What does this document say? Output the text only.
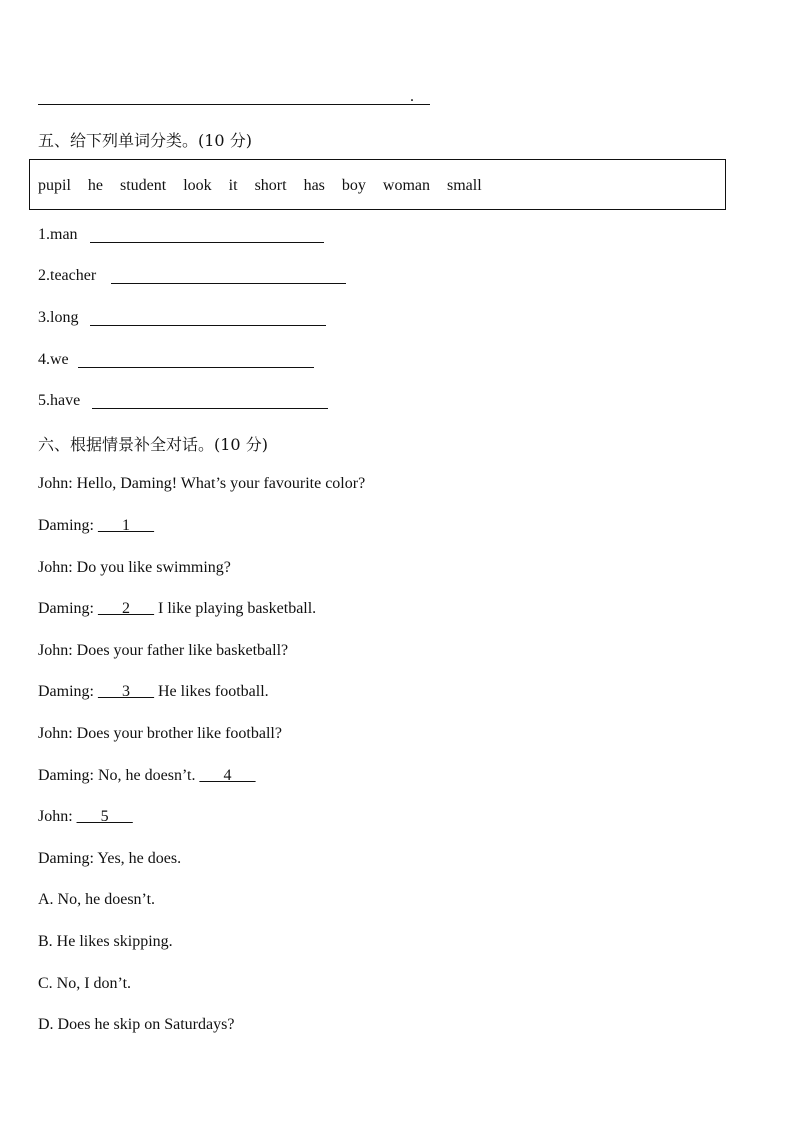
.
五、给下列单词分类。(10 分)
pupil he student look it short has boy woman small
1.man
2.teacher
3.long
4.we
5.have
六、根据情景补全对话。(10 分)
John: Hello, Daming! What’s your favourite color?
Daming: ___1___
John: Do you like swimming?
Daming: ___2___ I like playing basketball.
John: Does your father like basketball?
Daming: ___3___ He likes football.
John: Does your brother like football?
Daming: No, he doesn’t. ___4___
John: ___5___
Daming: Yes, he does.
A. No, he doesn’t.
B. He likes skipping.
C. No, I don’t.
D. Does he skip on Saturdays?
